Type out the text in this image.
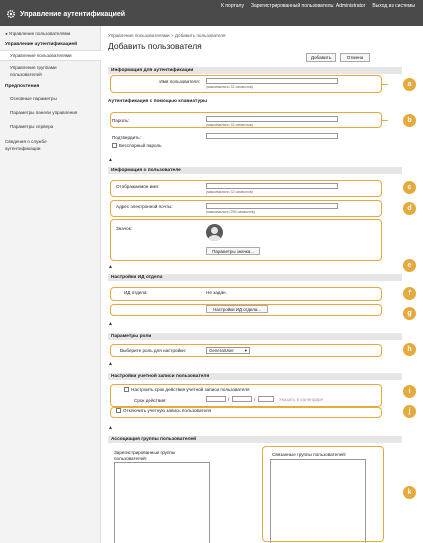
Управление аутентификацией
К порталу Зарегистрированный пользователь: Administrator Выход из системы
◂ Управление пользователями
Управление аутентификацией
Управление пользователями
Управление группами
пользователей
Предпочтения
Основные параметры
Параметры панели управления
Параметры сервера
Сведения о службе
аутентификации
Управление пользователями > Добавить пользователя
Добавить пользователя
Добавить	Отмена
Информация для аутентификации
Имя пользователя:
(максимально 32 символов)
Аутентификация с помощью клавиатуры
Пароль:
(максимально 32 символов)
Подтвердить:
Бесспорный пароль
▲
Информация о пользователе
Отображаемое имя:
(максимально 32 символов)
Адрес электронной почты:
(максимально 256 символов)
Значок:
Параметры значка...
▲
Настройки ИД отдела
ИД отдела:	Не задан.
Настройки ИД отдела...
▲
Параметры роли
Выберите роль для настройки:	GeneralUser ▾
▲
Настройки учетной записи пользователя
Настроить срок действия учетной записи пользователя
Срок действия:	/	/	Указать в календаре
Отключить учетную запись пользователя
▲
Ассоциация группы пользователей
Зарегистрированные группы
пользователей:
Связанные группы пользователей:
a
b
c
d
e
f
g
h
i
j
k
